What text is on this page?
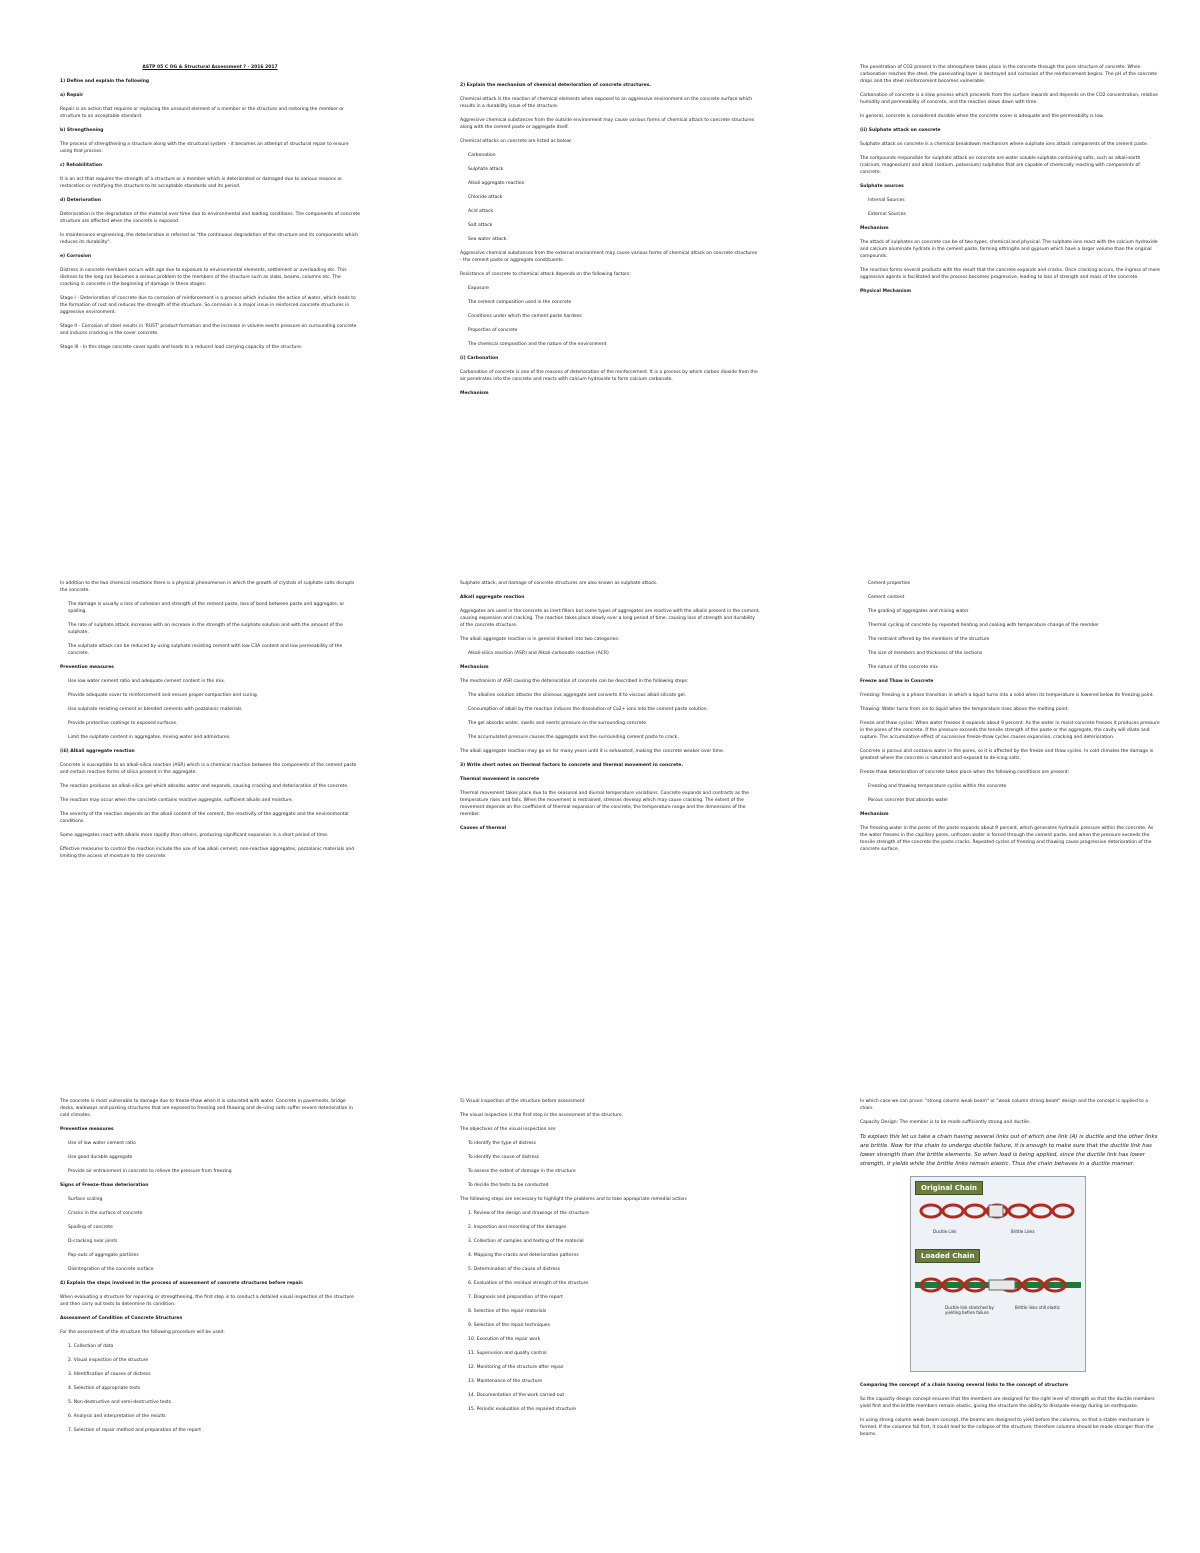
ASTP 05 C OG & Structural Assessment ? - 2016 2017

1) Define and explain the following

a) Repair

Repair is an action that requires or replacing the unsound element of a member or the structure and restoring the member or structure to an acceptable standard.

b) Strengthening

The process of strengthening a structure along with the structural system - it becomes an attempt of structural repair to ensure using that process.

c) Rehabilitation

It is an act that requires the strength of a structure or a member which is deteriorated or damaged due to various reasons or restoration or rectifying the structure to its acceptable standards and its period.

d) Deterioration

Deterioration is the degradation of the material over time due to environmental and loading conditions. The components of concrete structure are affected when the concrete is exposed.

In maintenance engineering, the deterioration is referred as "the continuous degradation of the structure and its components which reduces its durability".

e) Corrosion

Distress in concrete members occurs with age due to exposure to environmental elements, settlement or overloading etc. This distress to the long run becomes a serious problem to the members of the structure such as slabs, beams, columns etc. The cracking in concrete is the beginning of damage in these stages.

Stage I - Deterioration of concrete due to corrosion of reinforcement is a process which includes the action of water, which leads to the formation of rust and reduces the strength of the structure. So corrosion is a major issue in reinforced concrete structures in aggressive environment.

Stage II - Corrosion of steel results in 'RUST' product formation and the increase in volume exerts pressure on surrounding concrete and induces cracking in the cover concrete.

Stage III - In this stage concrete cover spalls and leads to a reduced load carrying capacity of the structure.

2) Explain the mechanism of chemical deterioration of concrete structures.

Chemical attack is the reaction of chemical elements when exposed to an aggressive environment on the concrete surface which results in a durability issue of the structure.

Aggressive chemical substances from the outside environment may cause various forms of chemical attack to concrete structures along with the cement paste or aggregate itself.

Chemical attacks on concrete are listed as below:

Carbonation

Sulphate attack

Alkali aggregate reaction

Chloride attack

Acid attack

Salt attack

Sea water attack

Aggressive chemical substances from the external environment may cause various forms of chemical attack on concrete structures - the cement paste or aggregate constituents.

Resistance of concrete to chemical attack depends on the following factors:

Exposure

The cement composition used in the concrete

Conditions under which the cement paste hardens

Properties of concrete

The chemical composition and the nature of the environment

(i) Carbonation

Carbonation of concrete is one of the reasons of deterioration of the reinforcement. It is a process by which carbon dioxide from the air penetrates into the concrete and reacts with calcium hydroxide to form calcium carbonate.

Mechanism

The penetration of CO2 present in the atmosphere takes place in the concrete through the pore structure of concrete. When carbonation reaches the steel, the passivating layer is destroyed and corrosion of the reinforcement begins. The pH of the concrete drops and the steel reinforcement becomes vulnerable.

Carbonation of concrete is a slow process which proceeds from the surface inwards and depends on the CO2 concentration, relative humidity and permeability of concrete, and the reaction slows down with time.

In general, concrete is considered durable when the concrete cover is adequate and the permeability is low.

(ii) Sulphate attack on concrete

Sulphate attack on concrete is a chemical breakdown mechanism where sulphate ions attack components of the cement paste.

The compounds responsible for sulphate attack on concrete are water soluble sulphate containing salts, such as alkali-earth (calcium, magnesium) and alkali (sodium, potassium) sulphates that are capable of chemically reacting with components of concrete.

Sulphate sources

Internal Sources

External Sources

Mechanism

The attack of sulphates on concrete can be of two types, chemical and physical. The sulphate ions react with the calcium hydroxide and calcium aluminate hydrate in the cement paste, forming ettringite and gypsum which have a larger volume than the original compounds.

The reaction forms several products with the result that the concrete expands and cracks. Once cracking occurs, the ingress of more aggressive agents is facilitated and the process becomes progressive, leading to loss of strength and mass of the concrete.

Physical Mechanism

In addition to the two chemical reactions there is a physical phenomenon in which the growth of crystals of sulphate salts disrupts the concrete.

The damage is usually a loss of cohesion and strength of the cement paste, loss of bond between paste and aggregate, or spalling.

The rate of sulphate attack increases with an increase in the strength of the sulphate solution and with the amount of the sulphate.

The sulphate attack can be reduced by using sulphate resisting cement with low C3A content and low permeability of the concrete.

Prevention measures

Use low water cement ratio and adequate cement content in the mix.

Provide adequate cover to reinforcement and ensure proper compaction and curing.

Use sulphate resisting cement or blended cements with pozzolanic materials.

Provide protective coatings to exposed surfaces.

Limit the sulphate content in aggregates, mixing water and admixtures.

(iii) Alkali aggregate reaction

Concrete is susceptible to an alkali-silica reaction (ASR) which is a chemical reaction between the components of the cement paste and certain reactive forms of silica present in the aggregate.

The reaction produces an alkali-silica gel which absorbs water and expands, causing cracking and deterioration of the concrete.

The reaction may occur when the concrete contains reactive aggregate, sufficient alkalis and moisture.

The severity of the reaction depends on the alkali content of the cement, the reactivity of the aggregate and the environmental conditions.

Some aggregates react with alkalis more rapidly than others, producing significant expansion in a short period of time.

Effective measures to control the reaction include the use of low alkali cement, non-reactive aggregates, pozzolanic materials and limiting the access of moisture to the concrete.

Sulphate attack, and damage of concrete structures are also known as sulphate attack.

Alkali aggregate reaction

Aggregates are used in the concrete as inert fillers but some types of aggregates are reactive with the alkalis present in the cement, causing expansion and cracking. The reaction takes place slowly over a long period of time, causing loss of strength and durability of the concrete structure.

The alkali aggregate reaction is in general divided into two categories:

Alkali-silica reaction (ASR) and Alkali-carbonate reaction (ACR)

Mechanism

The mechanism of ASR causing the deterioration of concrete can be described in the following steps:

The alkaline solution attacks the siliceous aggregate and converts it to viscous alkali silicate gel.

Consumption of alkali by the reaction induces the dissolution of Ca2+ ions into the cement paste solution.

The gel absorbs water, swells and exerts pressure on the surrounding concrete.

The accumulated pressure causes the aggregate and the surrounding cement paste to crack.

The alkali aggregate reaction may go on for many years until it is exhausted, making the concrete weaker over time.

3) Write short notes on thermal factors to concrete and thermal movement in concrete.

Thermal movement in concrete

Thermal movement takes place due to the seasonal and diurnal temperature variations. Concrete expands and contracts as the temperature rises and falls. When the movement is restrained, stresses develop which may cause cracking. The extent of the movement depends on the coefficient of thermal expansion of the concrete, the temperature range and the dimensions of the member.

Causes of thermal

Cement properties

Cement content

The grading of aggregates and mixing water

Thermal cycling of concrete by repeated heating and cooling with temperature change of the member

The restraint offered by the members of the structure

The size of members and thickness of the sections

The nature of the concrete mix

Freeze and Thaw in Concrete

Freezing: freezing is a phase transition in which a liquid turns into a solid when its temperature is lowered below its freezing point.

Thawing: Water turns from ice to liquid when the temperature rises above the melting point.

Freeze and thaw cycles: When water freezes it expands about 9 percent. As the water in moist concrete freezes it produces pressure in the pores of the concrete. If the pressure exceeds the tensile strength of the paste or the aggregate, the cavity will dilate and rupture. The accumulative effect of successive freeze-thaw cycles causes expansion, cracking and deterioration.

Concrete is porous and contains water in the pores, so it is affected by the freeze and thaw cycles. In cold climates the damage is greatest where the concrete is saturated and exposed to de-icing salts.

Freeze thaw deterioration of concrete takes place when the following conditions are present:

Freezing and thawing temperature cycles within the concrete

Porous concrete that absorbs water

Mechanism

The freezing water in the pores of the paste expands about 9 percent, which generates hydraulic pressure within the concrete. As the water freezes in the capillary pores, unfrozen water is forced through the cement paste, and when the pressure exceeds the tensile strength of the concrete the paste cracks. Repeated cycles of freezing and thawing cause progressive deterioration of the concrete surface.

The concrete is most vulnerable to damage due to freeze-thaw when it is saturated with water. Concrete in pavements, bridge decks, walkways and parking structures that are exposed to freezing and thawing and de-icing salts suffer severe deterioration in cold climates.

Preventive measures

Use of low water cement ratio

Use good durable aggregate

Provide air entrainment in concrete to relieve the pressure from freezing

Signs of Freeze-thaw deterioration

Surface scaling

Cracks in the surface of concrete

Spalling of concrete

D-cracking near joints

Pop-outs of aggregate particles

Disintegration of the concrete surface

4) Explain the steps involved in the process of assessment of concrete structures before repair.

When evaluating a structure for repairing or strengthening, the first step is to conduct a detailed visual inspection of the structure and then carry out tests to determine its condition.

Assessment of Condition of Concrete Structures

For the assessment of the structure the following procedure will be used:

1. Collection of data

2. Visual inspection of the structure

3. Identification of causes of distress

4. Selection of appropriate tests

5. Non-destructive and semi-destructive tests

6. Analysis and interpretation of the results

7. Selection of repair method and preparation of the report

5) Visual inspection of the structure before assessment

The visual inspection is the first step in the assessment of the structure.

The objectives of the visual inspection are:

To identify the type of distress

To identify the cause of distress

To assess the extent of damage in the structure

To decide the tests to be conducted

The following steps are necessary to highlight the problems and to take appropriate remedial action:

1. Review of the design and drawings of the structure

2. Inspection and recording of the damages

3. Collection of samples and testing of the material

4. Mapping the cracks and deterioration patterns

5. Determination of the cause of distress

6. Evaluation of the residual strength of the structure

7. Diagnosis and preparation of the report

8. Selection of the repair materials

9. Selection of the repair techniques

10. Execution of the repair work

11. Supervision and quality control

12. Monitoring of the structure after repair

13. Maintenance of the structure

14. Documentation of the work carried out

15. Periodic evaluation of the repaired structure

In which case we can prove: "strong column weak beam" or "weak column strong beam" design and the concept is applied to a chain.

Capacity Design: The member is to be made sufficiently strong and ductile.

To explain this let us take a chain having several links out of which one link (A) is ductile and the other links are brittle. Now for the chain to undergo ductile failure, it is enough to make sure that the ductile link has lower strength than the brittle elements. So when load is being applied, since the ductile link has lower strength, it yields while the brittle links remain elastic. Thus the chain behaves in a ductile manner.

Original Chain
Ductile Link	Brittle Links
Loaded Chain
Ductile link stretched by yielding before failure
Brittle links still elastic

Comparing the concept of a chain having several links to the concept of structure

So the capacity design concept ensures that the members are designed for the right level of strength so that the ductile members yield first and the brittle members remain elastic, giving the structure the ability to dissipate energy during an earthquake.

In using strong column weak beam concept, the beams are designed to yield before the columns, so that a stable mechanism is formed. If the columns fail first, it could lead to the collapse of the structure; therefore columns should be made stronger than the beams.
